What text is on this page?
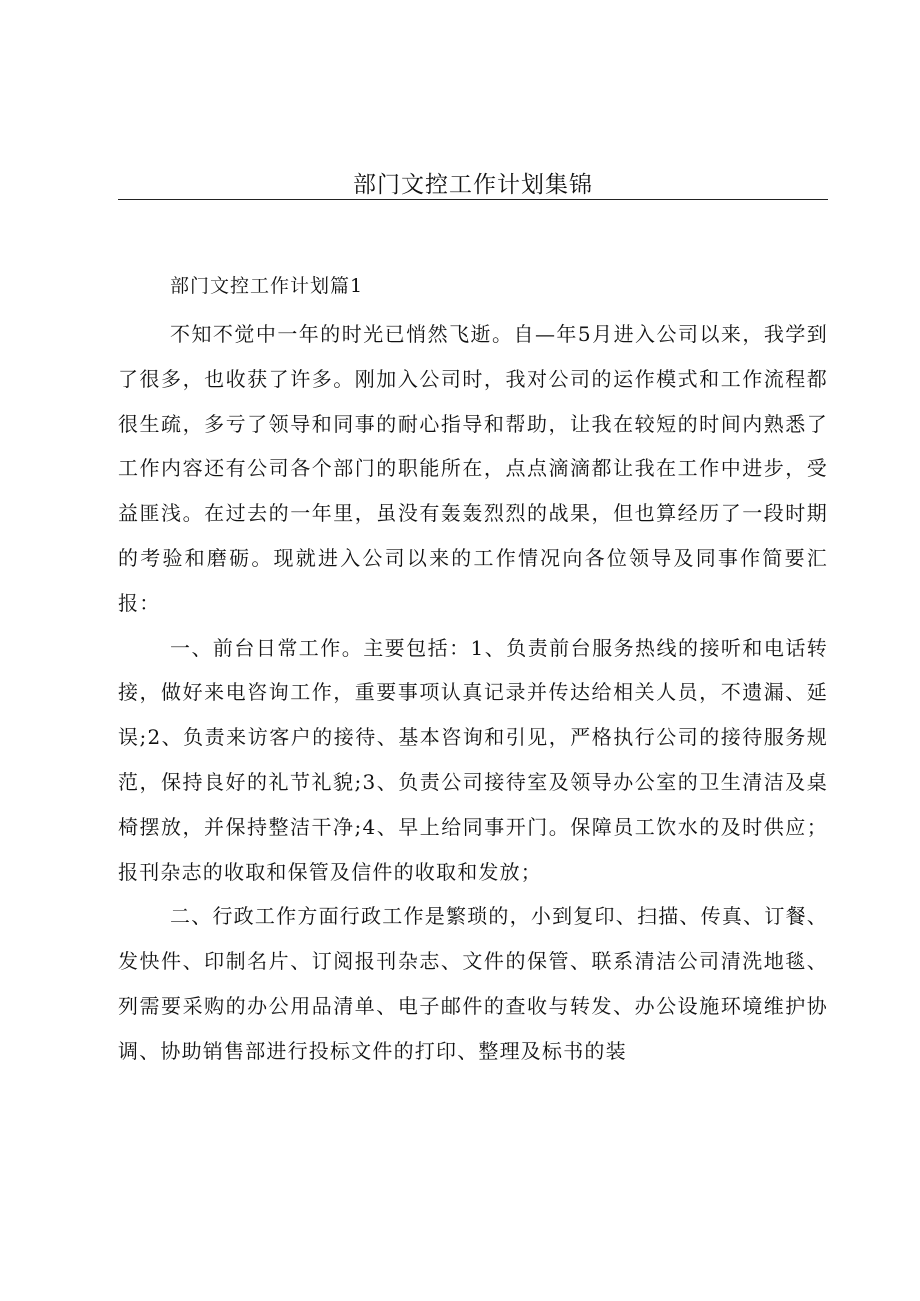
部门文控工作计划集锦
部门文控工作计划篇1

不知不觉中一年的时光已悄然飞逝。自—年5月进入公司以来，我学到了很多，也收获了许多。刚加入公司时，我对公司的运作模式和工作流程都很生疏，多亏了领导和同事的耐心指导和帮助，让我在较短的时间内熟悉了工作内容还有公司各个部门的职能所在，点点滴滴都让我在工作中进步，受益匪浅。在过去的一年里，虽没有轰轰烈烈的战果，但也算经历了一段时期的考验和磨砺。现就进入公司以来的工作情况向各位领导及同事作简要汇报：

一、前台日常工作。主要包括：1、负责前台服务热线的接听和电话转接，做好来电咨询工作，重要事项认真记录并传达给相关人员，不遗漏、延误;2、负责来访客户的接待、基本咨询和引见，严格执行公司的接待服务规范，保持良好的礼节礼貌;3、负责公司接待室及领导办公室的卫生清洁及桌椅摆放，并保持整洁干净;4、早上给同事开门。保障员工饮水的及时供应；报刊杂志的收取和保管及信件的收取和发放；

二、行政工作方面行政工作是繁琐的，小到复印、扫描、传真、订餐、发快件、印制名片、订阅报刊杂志、文件的保管、联系清洁公司清洗地毯、列需要采购的办公用品清单、电子邮件的查收与转发、办公设施环境维护协调、协助销售部进行投标文件的打印、整理及标书的装
